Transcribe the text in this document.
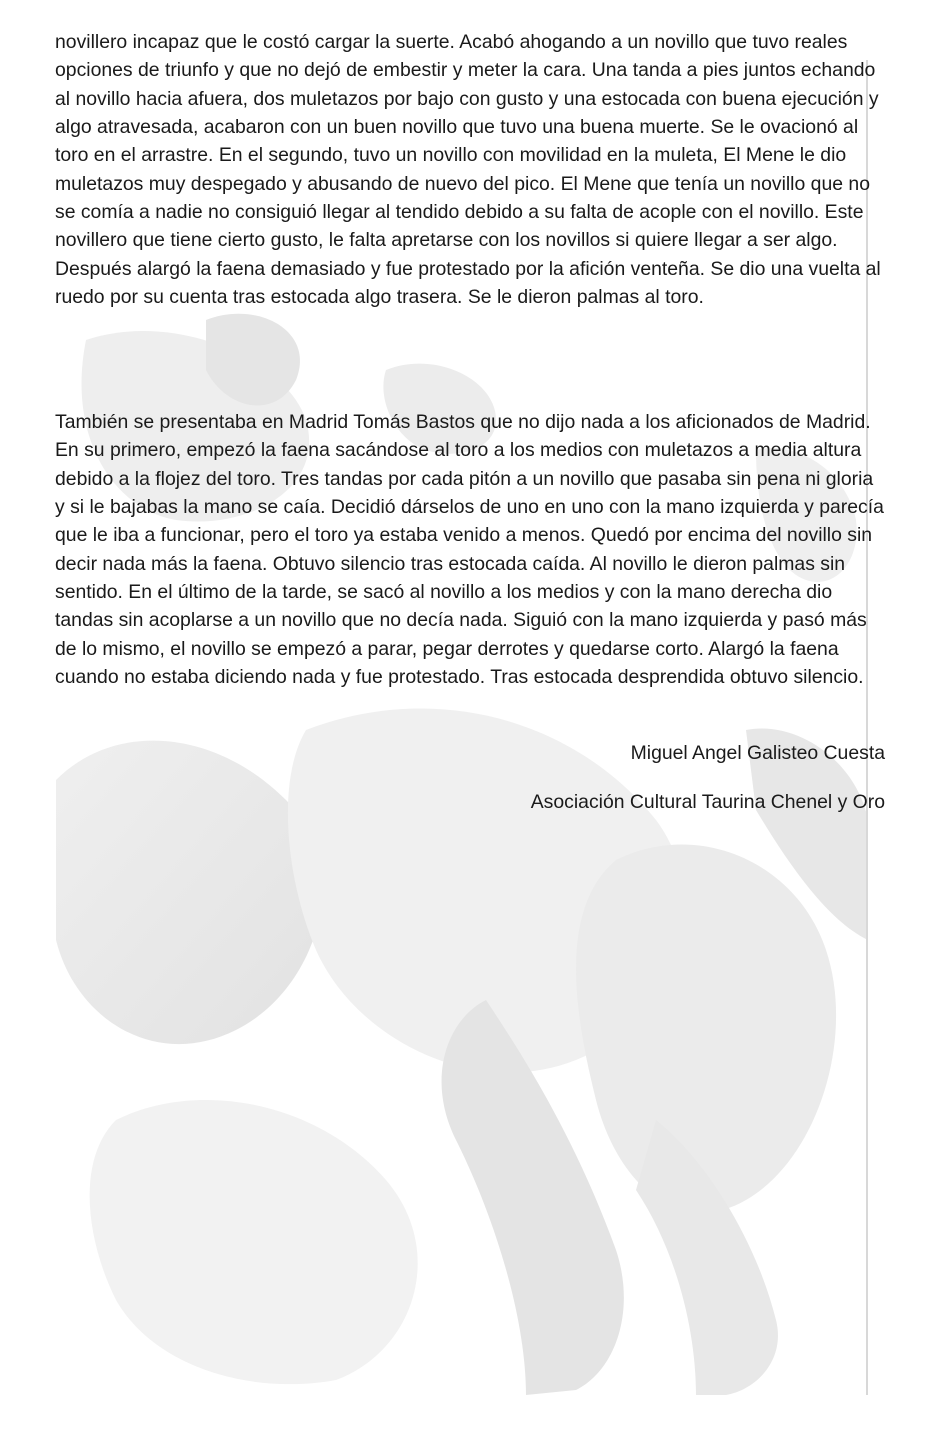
novillero incapaz que le costó cargar la suerte. Acabó ahogando a un novillo que tuvo reales opciones de triunfo y que no dejó de embestir y meter la cara. Una tanda a pies juntos echando al novillo hacia afuera, dos muletazos por bajo con gusto y una estocada con buena ejecución y algo atravesada, acabaron con un buen novillo que tuvo una buena muerte. Se le ovacionó al toro en el arrastre. En el segundo, tuvo un novillo con movilidad en la muleta, El Mene le dio muletazos muy despegado y abusando de nuevo del pico. El Mene que tenía un novillo que no se comía a nadie no consiguió llegar al tendido debido a su falta de acople con el novillo. Este novillero que tiene cierto gusto, le falta apretarse con los novillos si quiere llegar a ser algo. Después alargó la faena demasiado y fue protestado por la afición venteña. Se dio una vuelta al ruedo por su cuenta tras estocada algo trasera. Se le dieron palmas al toro.

También se presentaba en Madrid Tomás Bastos que no dijo nada a los aficionados de Madrid. En su primero, empezó la faena sacándose al toro a los medios con muletazos a media altura debido a la flojez del toro. Tres tandas por cada pitón a un novillo que pasaba sin pena ni gloria y si le bajabas la mano se caía. Decidió dárselos de uno en uno con la mano izquierda y parecía que le iba a funcionar, pero el toro ya estaba venido a menos. Quedó por encima del novillo sin decir nada más la faena. Obtuvo silencio tras estocada caída. Al novillo le dieron palmas sin sentido. En el último de la tarde, se sacó al novillo a los medios y con la mano derecha dio tandas sin acoplarse a un novillo que no decía nada. Siguió con la mano izquierda y pasó más de lo mismo, el novillo se empezó a parar, pegar derrotes y quedarse corto. Alargó la faena cuando no estaba diciendo nada y fue protestado. Tras estocada desprendida obtuvo silencio.

Miguel Angel Galisteo Cuesta
Asociación Cultural Taurina Chenel y Oro
